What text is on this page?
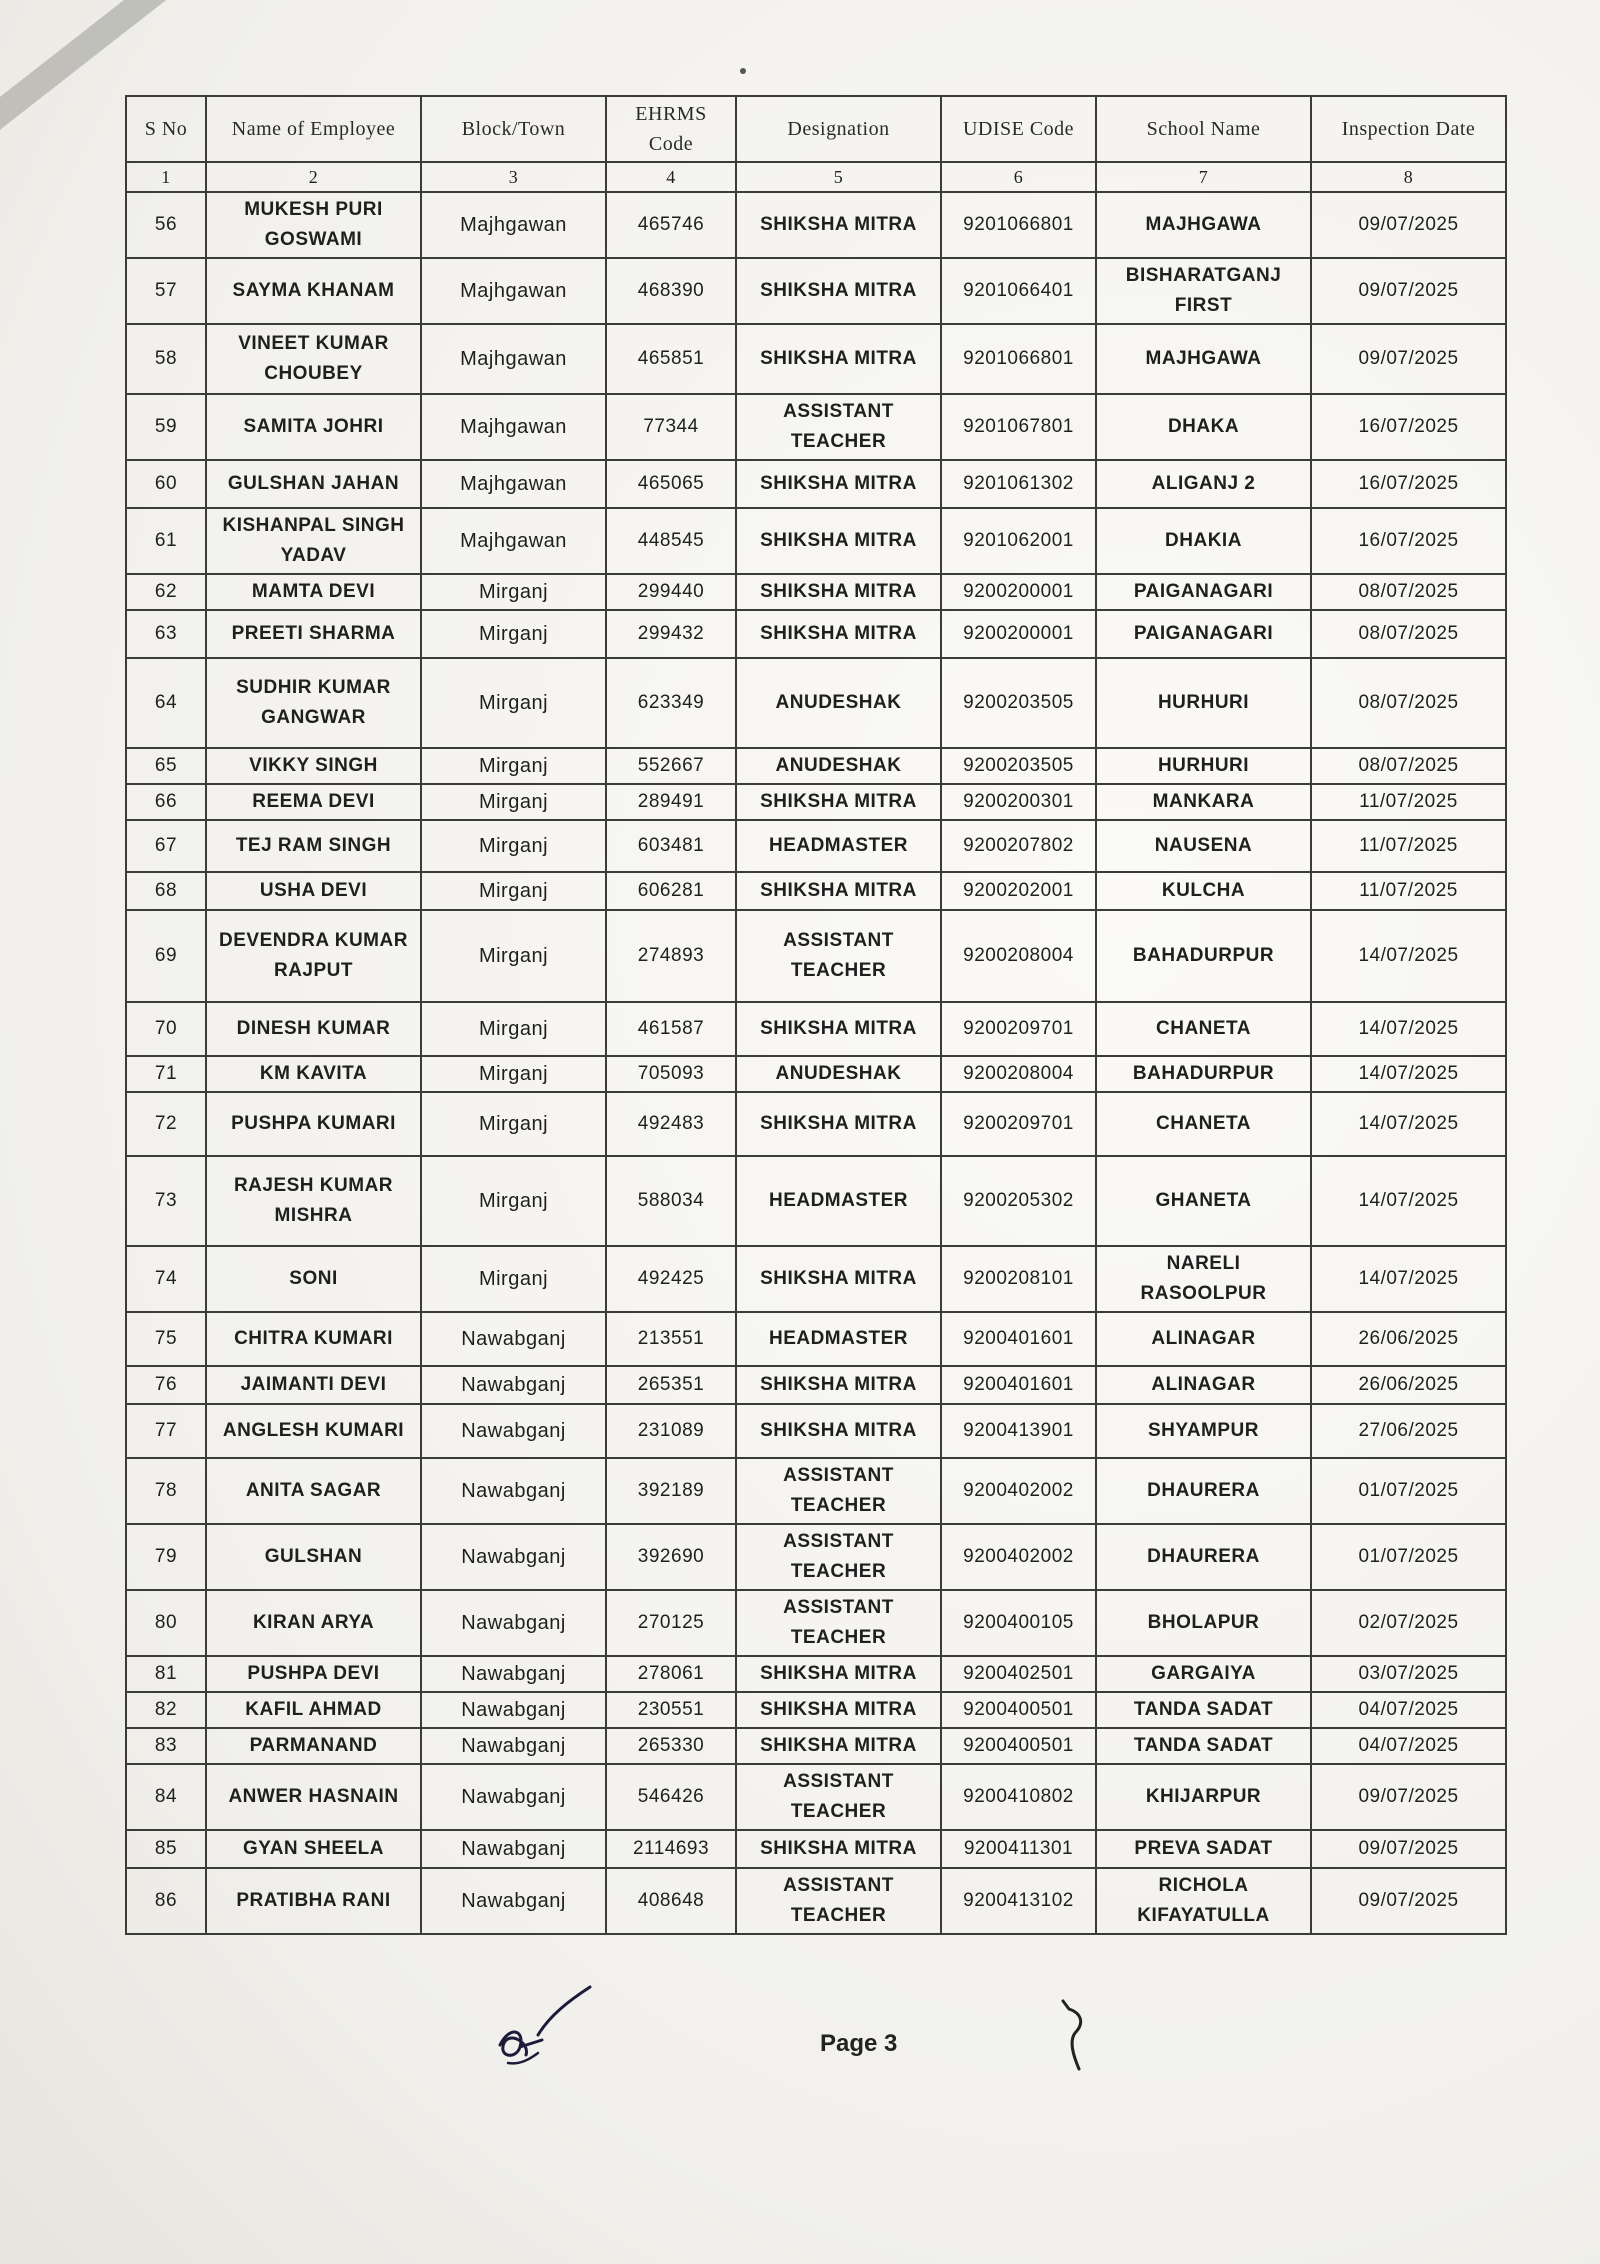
S No	Name of Employee	Block/Town	EHRMS Code	Designation	UDISE Code	School Name	Inspection Date
1	2	3	4	5	6	7	8
56	MUKESH PURI GOSWAMI	Majhgawan	465746	SHIKSHA MITRA	9201066801	MAJHGAWA	09/07/2025
57	SAYMA KHANAM	Majhgawan	468390	SHIKSHA MITRA	9201066401	BISHARATGANJ FIRST	09/07/2025
58	VINEET KUMAR CHOUBEY	Majhgawan	465851	SHIKSHA MITRA	9201066801	MAJHGAWA	09/07/2025
59	SAMITA JOHRI	Majhgawan	77344	ASSISTANT TEACHER	9201067801	DHAKA	16/07/2025
60	GULSHAN JAHAN	Majhgawan	465065	SHIKSHA MITRA	9201061302	ALIGANJ 2	16/07/2025
61	KISHANPAL SINGH YADAV	Majhgawan	448545	SHIKSHA MITRA	9201062001	DHAKIA	16/07/2025
62	MAMTA DEVI	Mirganj	299440	SHIKSHA MITRA	9200200001	PAIGANAGARI	08/07/2025
63	PREETI SHARMA	Mirganj	299432	SHIKSHA MITRA	9200200001	PAIGANAGARI	08/07/2025
64	SUDHIR KUMAR GANGWAR	Mirganj	623349	ANUDESHAK	9200203505	HURHURI	08/07/2025
65	VIKKY SINGH	Mirganj	552667	ANUDESHAK	9200203505	HURHURI	08/07/2025
66	REEMA DEVI	Mirganj	289491	SHIKSHA MITRA	9200200301	MANKARA	11/07/2025
67	TEJ RAM SINGH	Mirganj	603481	HEADMASTER	9200207802	NAUSENA	11/07/2025
68	USHA DEVI	Mirganj	606281	SHIKSHA MITRA	9200202001	KULCHA	11/07/2025
69	DEVENDRA KUMAR RAJPUT	Mirganj	274893	ASSISTANT TEACHER	9200208004	BAHADURPUR	14/07/2025
70	DINESH KUMAR	Mirganj	461587	SHIKSHA MITRA	9200209701	CHANETA	14/07/2025
71	KM KAVITA	Mirganj	705093	ANUDESHAK	9200208004	BAHADURPUR	14/07/2025
72	PUSHPA KUMARI	Mirganj	492483	SHIKSHA MITRA	9200209701	CHANETA	14/07/2025
73	RAJESH KUMAR MISHRA	Mirganj	588034	HEADMASTER	9200205302	GHANETA	14/07/2025
74	SONI	Mirganj	492425	SHIKSHA MITRA	9200208101	NARELI RASOOLPUR	14/07/2025
75	CHITRA KUMARI	Nawabganj	213551	HEADMASTER	9200401601	ALINAGAR	26/06/2025
76	JAIMANTI DEVI	Nawabganj	265351	SHIKSHA MITRA	9200401601	ALINAGAR	26/06/2025
77	ANGLESH KUMARI	Nawabganj	231089	SHIKSHA MITRA	9200413901	SHYAMPUR	27/06/2025
78	ANITA SAGAR	Nawabganj	392189	ASSISTANT TEACHER	9200402002	DHAURERA	01/07/2025
79	GULSHAN	Nawabganj	392690	ASSISTANT TEACHER	9200402002	DHAURERA	01/07/2025
80	KIRAN ARYA	Nawabganj	270125	ASSISTANT TEACHER	9200400105	BHOLAPUR	02/07/2025
81	PUSHPA DEVI	Nawabganj	278061	SHIKSHA MITRA	9200402501	GARGAIYA	03/07/2025
82	KAFIL AHMAD	Nawabganj	230551	SHIKSHA MITRA	9200400501	TANDA SADAT	04/07/2025
83	PARMANAND	Nawabganj	265330	SHIKSHA MITRA	9200400501	TANDA SADAT	04/07/2025
84	ANWER HASNAIN	Nawabganj	546426	ASSISTANT TEACHER	9200410802	KHIJARPUR	09/07/2025
85	GYAN SHEELA	Nawabganj	2114693	SHIKSHA MITRA	9200411301	PREVA SADAT	09/07/2025
86	PRATIBHA RANI	Nawabganj	408648	ASSISTANT TEACHER	9200413102	RICHOLA KIFAYATULLA	09/07/2025
Page 3
